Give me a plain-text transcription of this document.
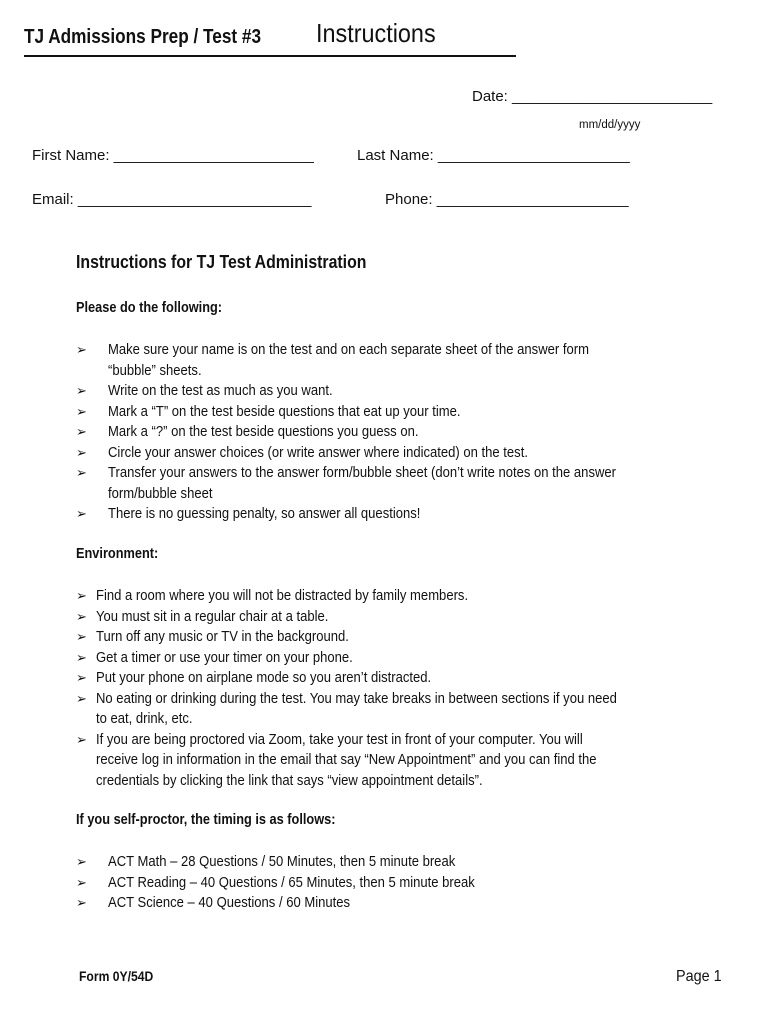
TJ Admissions Prep / Test #3 Instructions
Date: ________________________
mm/dd/yyyy
First Name: ________________________	Last Name: _______________________
Email: ____________________________	Phone: _______________________
Instructions for TJ Test Administration
Please do the following:
➢ Make sure your name is on the test and on each separate sheet of the answer form
“bubble” sheets.
➢ Write on the test as much as you want.
➢ Mark a “T” on the test beside questions that eat up your time.
➢ Mark a “?” on the test beside questions you guess on.
➢ Circle your answer choices (or write answer where indicated) on the test.
➢ Transfer your answers to the answer form/bubble sheet (don’t write notes on the answer
form/bubble sheet
➢ There is no guessing penalty, so answer all questions!
Environment:
➢ Find a room where you will not be distracted by family members.
➢ You must sit in a regular chair at a table.
➢ Turn off any music or TV in the background.
➢ Get a timer or use your timer on your phone.
➢ Put your phone on airplane mode so you aren’t distracted.
➢ No eating or drinking during the test. You may take breaks in between sections if you need
to eat, drink, etc.
➢ If you are being proctored via Zoom, take your test in front of your computer. You will
receive log in information in the email that say “New Appointment” and you can find the
credentials by clicking the link that says “view appointment details”.
If you self-proctor, the timing is as follows:
➢ ACT Math – 28 Questions / 50 Minutes, then 5 minute break
➢ ACT Reading – 40 Questions / 65 Minutes, then 5 minute break
➢ ACT Science – 40 Questions / 60 Minutes
Form 0Y/54D	Page 1
